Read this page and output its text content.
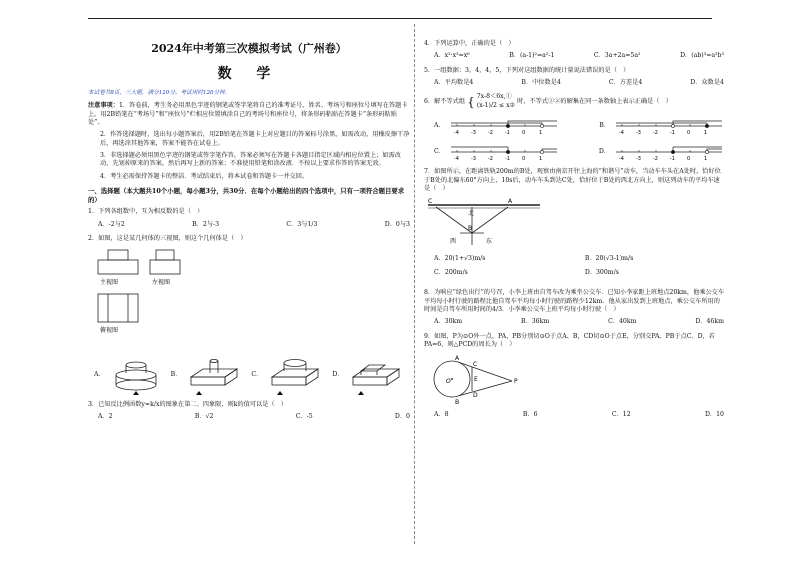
2024年中考第三次模拟考试（广州卷）
数 学
本试卷共8页，三大题，满分120分。考试用时120分钟.

注意事项：1．答卷前，考生务必用黑色字迹的钢笔或签字笔将自己的准考证号、姓名、考场号和座位号填写在答题卡上。用2B铅笔在“考场号”和“座位号”栏相应位置填涂自己的考场号和座位号，将条形码粘贴在答题卡“条形码粘贴处”。

2．作答选择题时，选出每小题答案后，用2B铅笔在答题卡上对应题目的答案标号涂黑，如需改动，用橡皮擦干净后，再选涂其他答案，答案不能答在试卷上。

3．非选择题必须用黑色字迹的钢笔或签字笔作答，答案必须写在答题卡各题目指定区域内相应位置上；如需改动，先划掉原来的答案，然后再写上新的答案；不准使用铅笔和涂改液．不按以上要求作答的答案无效。

4．考生必需保持答题卡的整洁．考试结束后，将本试卷和答题卡一并交回。

一、选择题（本大题共10个小题，每小题3分，共30分．在每个小题给出的四个选项中，只有一项符合题目要求的）
1．下列各组数中，互为相反数的是（　）
A．-2与2	B．2与-3	C．3与1/3	D．0与3
2．如图，这是某几何体的三视图，则这个几何体是（　）
主视图	左视图
俯视图
A．	B．	C．	D．
3．已知反比例函数y=k/x的图象在第二、四象限，则k的值可以是（　）
A．2	B．√2	C．-5	D．0
4．下列运算中，正确的是（　）
A．x²·x³=x⁶	B．(a-1)²=a²-1	C．3a+2a=5a²	D．(ab)³=a³b³
5．一组数据：3，4，4，5，下列对这组数据的统计量说法错误的是（　）
A．平均数是4	B．中位数是4	C．方差是4	D．众数是4
6．解不等式组 { 7x-8＜6x,①
(x-1)/2 ≤ x②
时，不等式①②的解集在同一条数轴上表示正确是（　）
A．
-4 -3 -2 -1 0	1
B．
-4 -3 -2 -1 0	1
C．
-4 -3 -2 -1 0	1
D．
-4 -3 -2 -1 0	1
7．如图所示，在距离铁轨200m的B处，观察由南京开往上海的“和谐号”动车，当动车车头在A处时，恰好位于B处的北偏东60°方向上，10s后，动车车头到达C处，恰好位于B处的西北方向上，则这列动车的平均车速是（　）
C	A
B
北
西	东
A．20(1+√3)m/s	B．20(√3-1)m/s
C．200m/s	D．300m/s
8．为响应“绿色出行”的号召，小李上班由自驾车改为乘坐公交车．已知小李家距上班地点20km，他乘公交车平均每小时行驶的路程比他自驾车平均每小时行驶的路程少12km．他从家出发到上班地点，乘公交车所用的时间是自驾车所用时间的4/3．小李乘公交车上班平均每小时行驶（　）
A．30km	B．36km	C．40km	D．46km
9．如图，P为⊙O外一点，PA、PB分别切⊙O于点A、B，CD切⊙O于点E，分别交PA、PB于点C、D，若PA=6，则△PCD的周长为（　）
O	P
A
B
C
D
E
A．8	B．6	C．12	D．10
